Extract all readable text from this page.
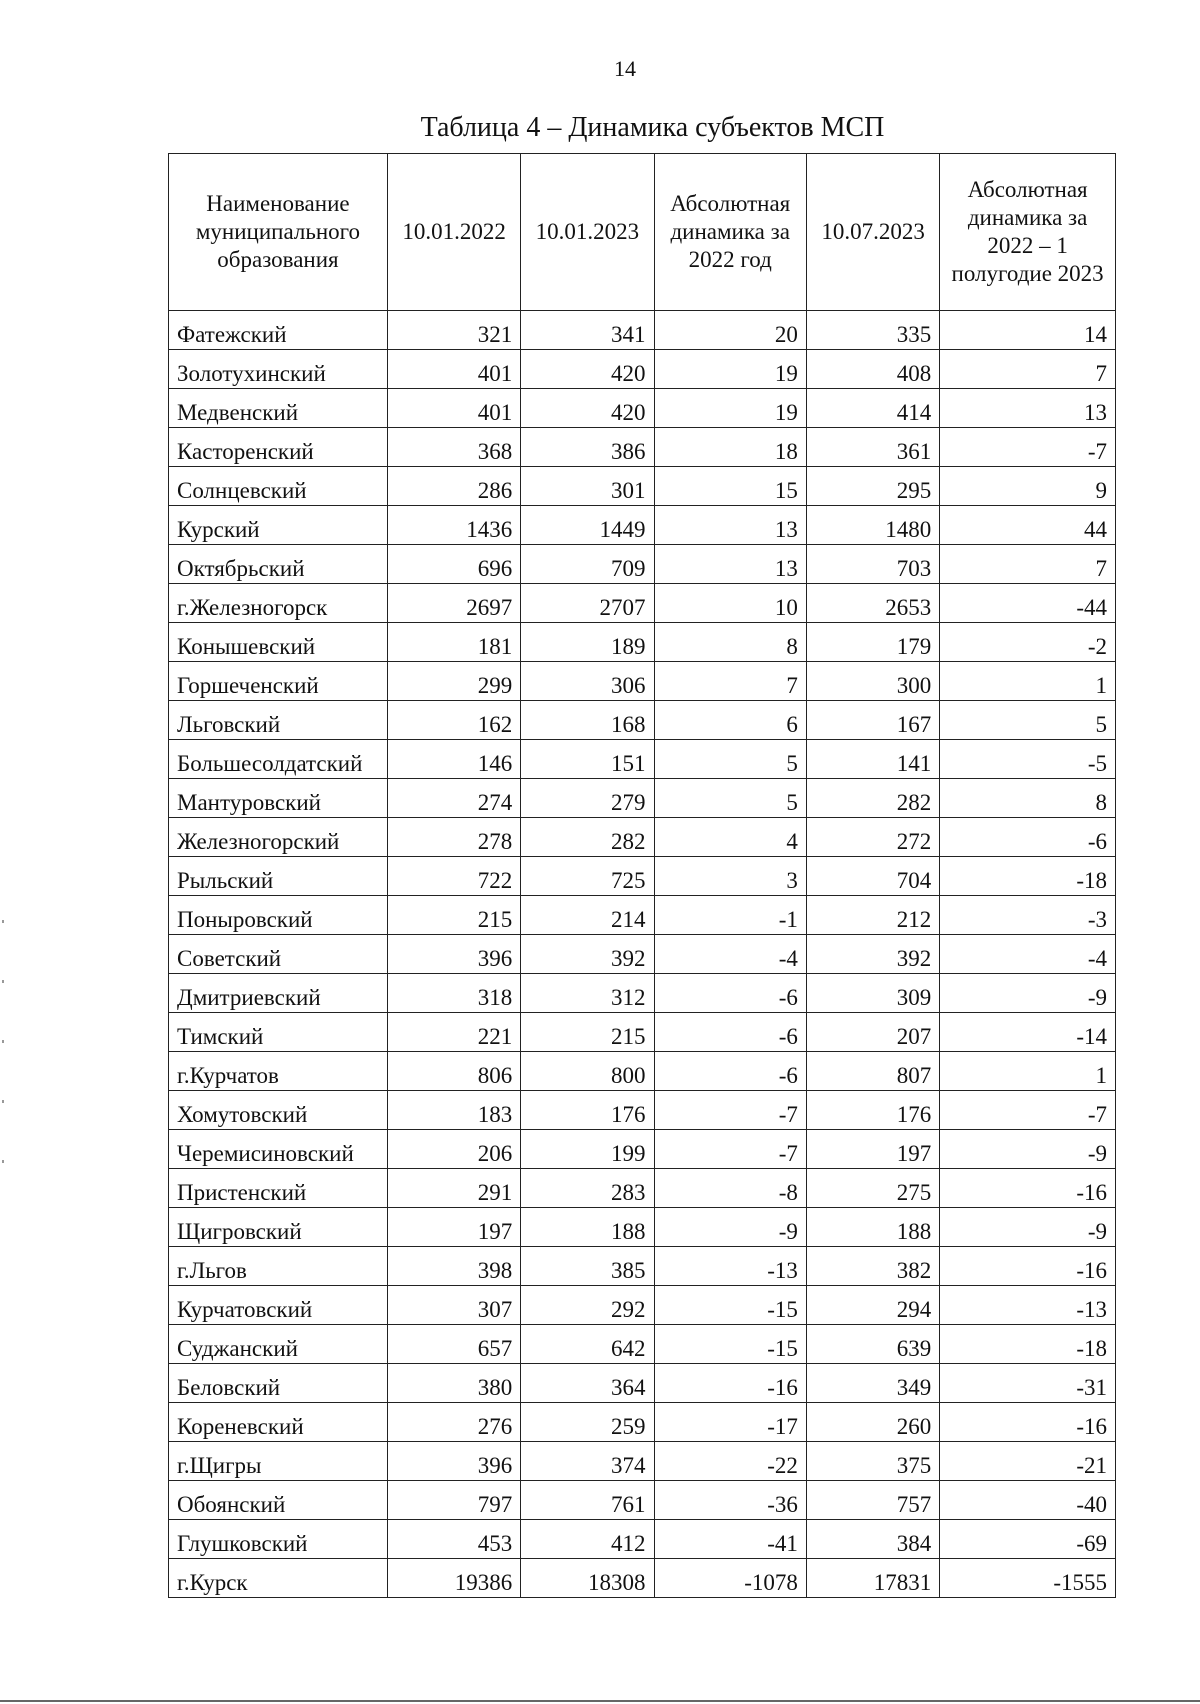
14
Таблица 4 – Динамика субъектов МСП
Наименование муниципального образования	10.01.2022	10.01.2023	Абсолютная динамика за 2022 год	10.07.2023	Абсолютная динамика за 2022 – 1 полугодие 2023
Фатежский	321	341	20	335	14
Золотухинский	401	420	19	408	7
Медвенский	401	420	19	414	13
Касторенский	368	386	18	361	-7
Солнцевский	286	301	15	295	9
Курский	1436	1449	13	1480	44
Октябрьский	696	709	13	703	7
г.Железногорск	2697	2707	10	2653	-44
Конышевский	181	189	8	179	-2
Горшеченский	299	306	7	300	1
Льговский	162	168	6	167	5
Большесолдатский	146	151	5	141	-5
Мантуровский	274	279	5	282	8
Железногорский	278	282	4	272	-6
Рыльский	722	725	3	704	-18
Поныровский	215	214	-1	212	-3
Советский	396	392	-4	392	-4
Дмитриевский	318	312	-6	309	-9
Тимский	221	215	-6	207	-14
г.Курчатов	806	800	-6	807	1
Хомутовский	183	176	-7	176	-7
Черемисиновский	206	199	-7	197	-9
Пристенский	291	283	-8	275	-16
Щигровский	197	188	-9	188	-9
г.Льгов	398	385	-13	382	-16
Курчатовский	307	292	-15	294	-13
Суджанский	657	642	-15	639	-18
Беловский	380	364	-16	349	-31
Кореневский	276	259	-17	260	-16
г.Щигры	396	374	-22	375	-21
Обоянский	797	761	-36	757	-40
Глушковский	453	412	-41	384	-69
г.Курск	19386	18308	-1078	17831	-1555
